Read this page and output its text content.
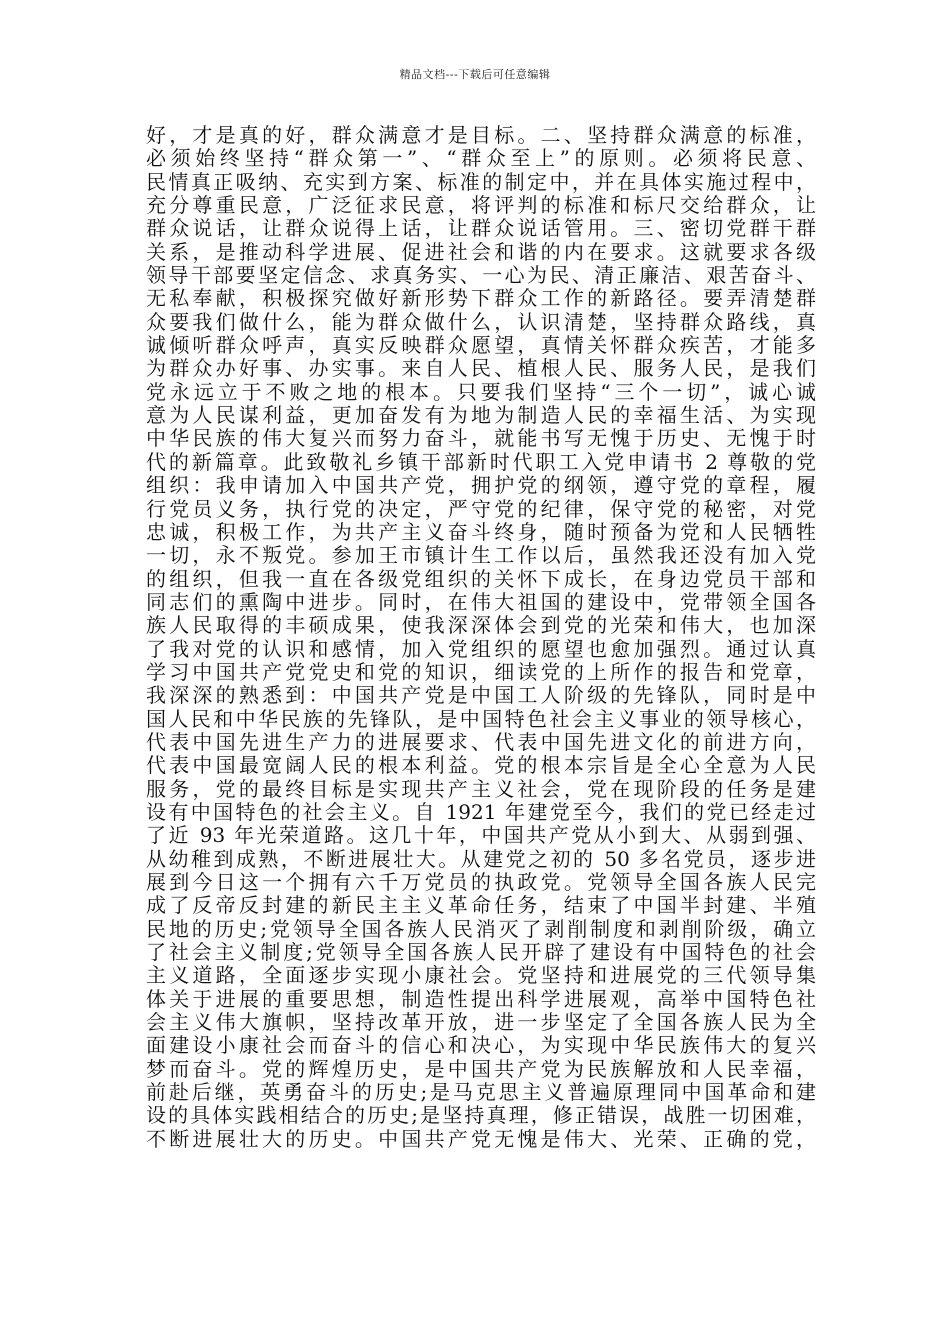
精品文档---下载后可任意编辑
好，才是真的好，群众满意才是目标。二、坚持群众满意的标准，
必须始终坚持“群众第一”、“群众至上”的原则。必须将民意、
民情真正吸纳、充实到方案、标准的制定中，并在具体实施过程中，
充分尊重民意，广泛征求民意，将评判的标准和标尺交给群众，让
群众说话，让群众说得上话，让群众说话管用。三、密切党群干群
关系，是推动科学进展、促进社会和谐的内在要求。这就要求各级
领导干部要坚定信念、求真务实、一心为民、清正廉洁、艰苦奋斗、
无私奉献，积极探究做好新形势下群众工作的新路径。要弄清楚群
众要我们做什么，能为群众做什么，认识清楚，坚持群众路线，真
诚倾听群众呼声，真实反映群众愿望，真情关怀群众疾苦，才能多
为群众办好事、办实事。来自人民、植根人民、服务人民，是我们
党永远立于不败之地的根本。只要我们坚持“三个一切”，诚心诚
意为人民谋利益，更加奋发有为地为制造人民的幸福生活、为实现
中华民族的伟大复兴而努力奋斗，就能书写无愧于历史、无愧于时
代的新篇章。此致敬礼乡镇干部新时代职工入党申请书 2 尊敬的党
组织：我申请加入中国共产党，拥护党的纲领，遵守党的章程，履
行党员义务，执行党的决定，严守党的纪律，保守党的秘密，对党
忠诚，积极工作，为共产主义奋斗终身，随时预备为党和人民牺牲
一切，永不叛党。参加王市镇计生工作以后，虽然我还没有加入党
的组织，但我一直在各级党组织的关怀下成长，在身边党员干部和
同志们的熏陶中进步。同时，在伟大祖国的建设中，党带领全国各
族人民取得的丰硕成果，使我深深体会到党的光荣和伟大，也加深
了我对党的认识和感情，加入党组织的愿望也愈加强烈。通过认真
学习中国共产党党史和党的知识，细读党的上所作的报告和党章，
我深深的熟悉到：中国共产党是中国工人阶级的先锋队，同时是中
国人民和中华民族的先锋队，是中国特色社会主义事业的领导核心，
代表中国先进生产力的进展要求、代表中国先进文化的前进方向，
代表中国最宽阔人民的根本利益。党的根本宗旨是全心全意为人民
服务，党的最终目标是实现共产主义社会，党在现阶段的任务是建
设有中国特色的社会主义。自 1921 年建党至今，我们的党已经走过
了近 93 年光荣道路。这几十年，中国共产党从小到大、从弱到强、
从幼稚到成熟，不断进展壮大。从建党之初的 50 多名党员，逐步进
展到今日这一个拥有六千万党员的执政党。党领导全国各族人民完
成了反帝反封建的新民主主义革命任务，结束了中国半封建、半殖
民地的历史;党领导全国各族人民消灭了剥削制度和剥削阶级，确立
了社会主义制度;党领导全国各族人民开辟了建设有中国特色的社会
主义道路，全面逐步实现小康社会。党坚持和进展党的三代领导集
体关于进展的重要思想，制造性提出科学进展观，高举中国特色社
会主义伟大旗帜，坚持改革开放，进一步坚定了全国各族人民为全
面建设小康社会而奋斗的信心和决心，为实现中华民族伟大的复兴
梦而奋斗。党的辉煌历史，是中国共产党为民族解放和人民幸福，
前赴后继，英勇奋斗的历史;是马克思主义普遍原理同中国革命和建
设的具体实践相结合的历史;是坚持真理，修正错误，战胜一切困难，
不断进展壮大的历史。中国共产党无愧是伟大、光荣、正确的党，
